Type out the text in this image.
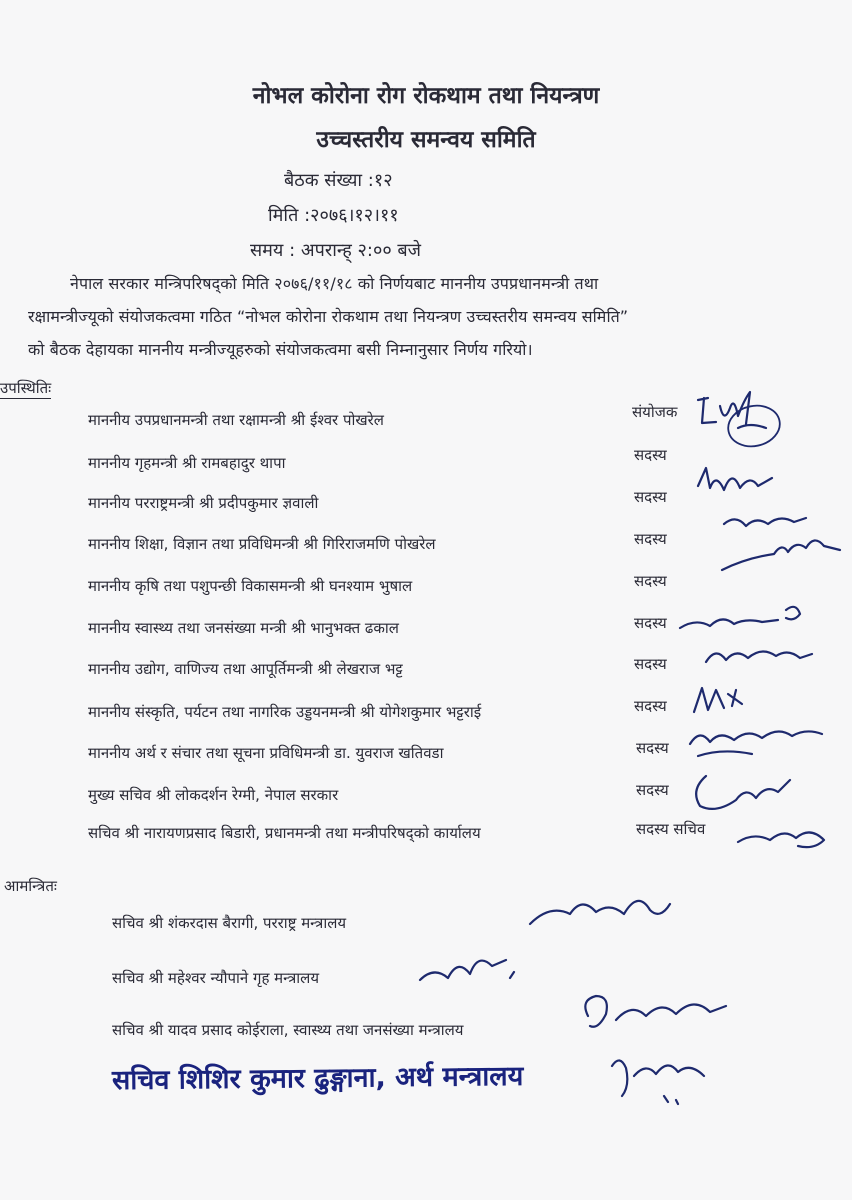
नोभल कोरोना रोग रोकथाम तथा नियन्त्रण
उच्चस्तरीय समन्वय समिति
बैठक संख्या :१२
मिति :२०७६।१२।११
समय : अपरान्ह् २:०० बजे
नेपाल सरकार मन्त्रिपरिषद्को मिति २०७६/११/१८ को निर्णयबाट माननीय उपप्रधानमन्त्री तथा
रक्षामन्त्रीज्यूको संयोजकत्वमा गठित “नोभल कोरोना रोकथाम तथा नियन्त्रण उच्चस्तरीय समन्वय समिति”
को बैठक देहायका माननीय मन्त्रीज्यूहरुको संयोजकत्वमा बसी निम्नानुसार निर्णय गरियो।
उपस्थितिः
माननीय उपप्रधानमन्त्री तथा रक्षामन्त्री श्री ईश्वर पोखरेल	संयोजक
माननीय गृहमन्त्री श्री रामबहादुर थापा	सदस्य
माननीय परराष्ट्रमन्त्री श्री प्रदीपकुमार ज्ञवाली	सदस्य
माननीय शिक्षा, विज्ञान तथा प्रविधिमन्त्री श्री गिरिराजमणि पोखरेल	सदस्य
माननीय कृषि तथा पशुपन्छी विकासमन्त्री श्री घनश्याम भुषाल	सदस्य
माननीय स्वास्थ्य तथा जनसंख्या मन्त्री श्री भानुभक्त ढकाल	सदस्य
माननीय उद्योग, वाणिज्य तथा आपूर्तिमन्त्री श्री लेखराज भट्ट	सदस्य
माननीय संस्कृति, पर्यटन तथा नागरिक उड्डयनमन्त्री श्री योगेशकुमार भट्टराई	सदस्य
माननीय अर्थ र संचार तथा सूचना प्रविधिमन्त्री डा. युवराज खतिवडा	सदस्य
मुख्य सचिव श्री लोकदर्शन रेग्मी, नेपाल सरकार	सदस्य
सचिव श्री नारायणप्रसाद बिडारी, प्रधानमन्त्री तथा मन्त्रीपरिषद्को कार्यालय	सदस्य सचिव
आमन्त्रितः
सचिव श्री शंकरदास बैरागी, परराष्ट्र मन्त्रालय
सचिव श्री महेश्वर न्यौपाने गृह मन्त्रालय
सचिव श्री यादव प्रसाद कोईराला, स्वास्थ्य तथा जनसंख्या मन्त्रालय
सचिव शिशिर कुमार ढुङ्गाना, अर्थ मन्त्रालय
